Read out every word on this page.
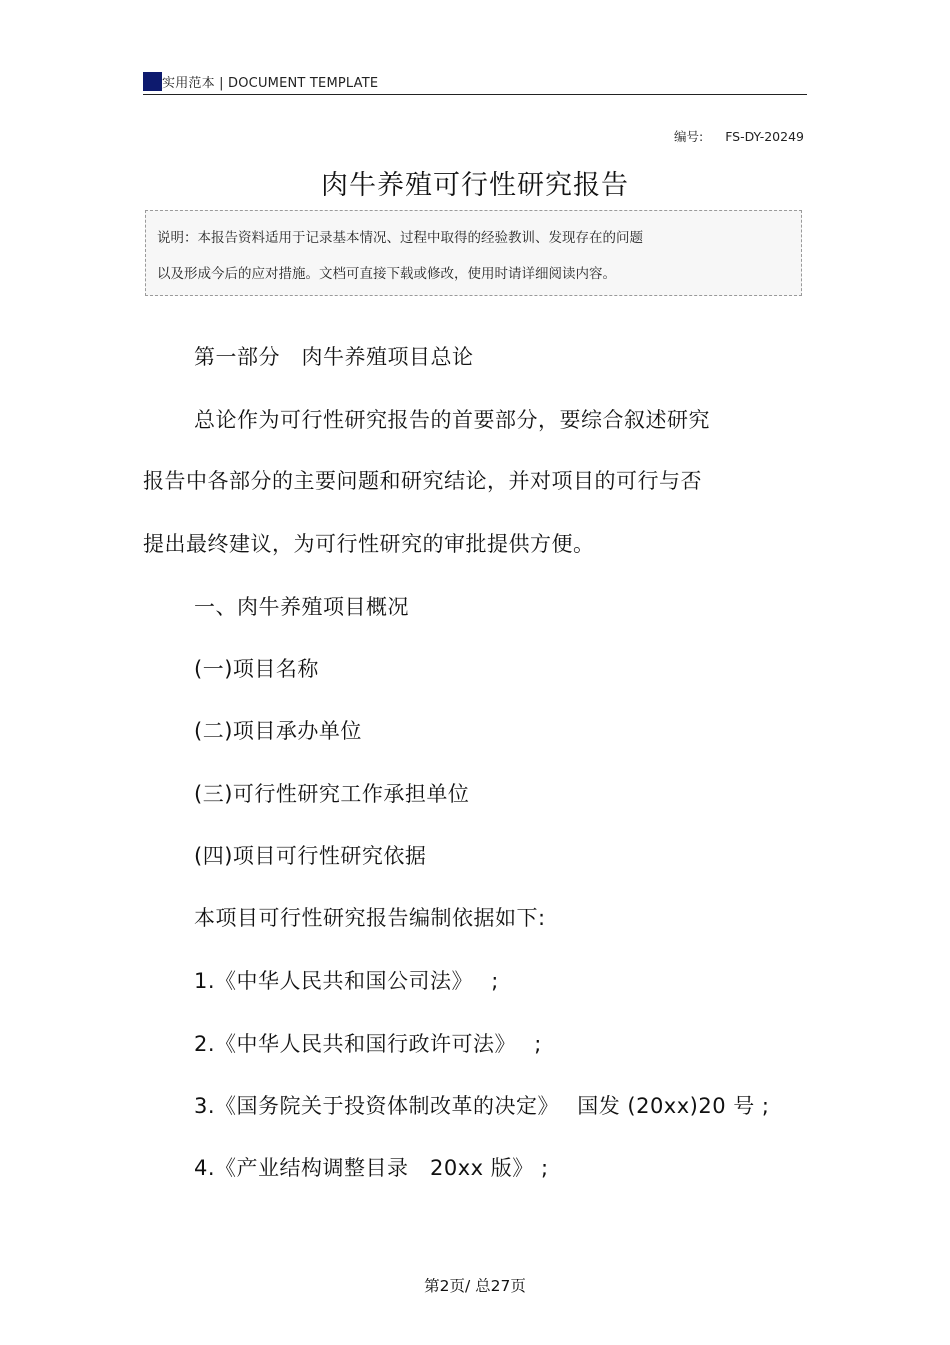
实用范本 | DOCUMENT TEMPLATE
编号: FS-DY-20249
肉牛养殖可行性研究报告
说明：本报告资料适用于记录基本情况、过程中取得的经验教训、发现存在的问题
以及形成今后的应对措施。文档可直接下载或修改，使用时请详细阅读内容。
第一部分　肉牛养殖项目总论
总论作为可行性研究报告的首要部分，要综合叙述研究
报告中各部分的主要问题和研究结论，并对项目的可行与否
提出最终建议，为可行性研究的审批提供方便。
一、肉牛养殖项目概况
(一)项目名称
(二)项目承办单位
(三)可行性研究工作承担单位
(四)项目可行性研究依据
本项目可行性研究报告编制依据如下:
1.《中华人民共和国公司法》　 ;
2.《中华人民共和国行政许可法》　 ;
3.《国务院关于投资体制改革的决定》　 国发 (20xx)20 号 ;
4.《产业结构调整目录　20xx 版》 ;
第2页/ 总27页
